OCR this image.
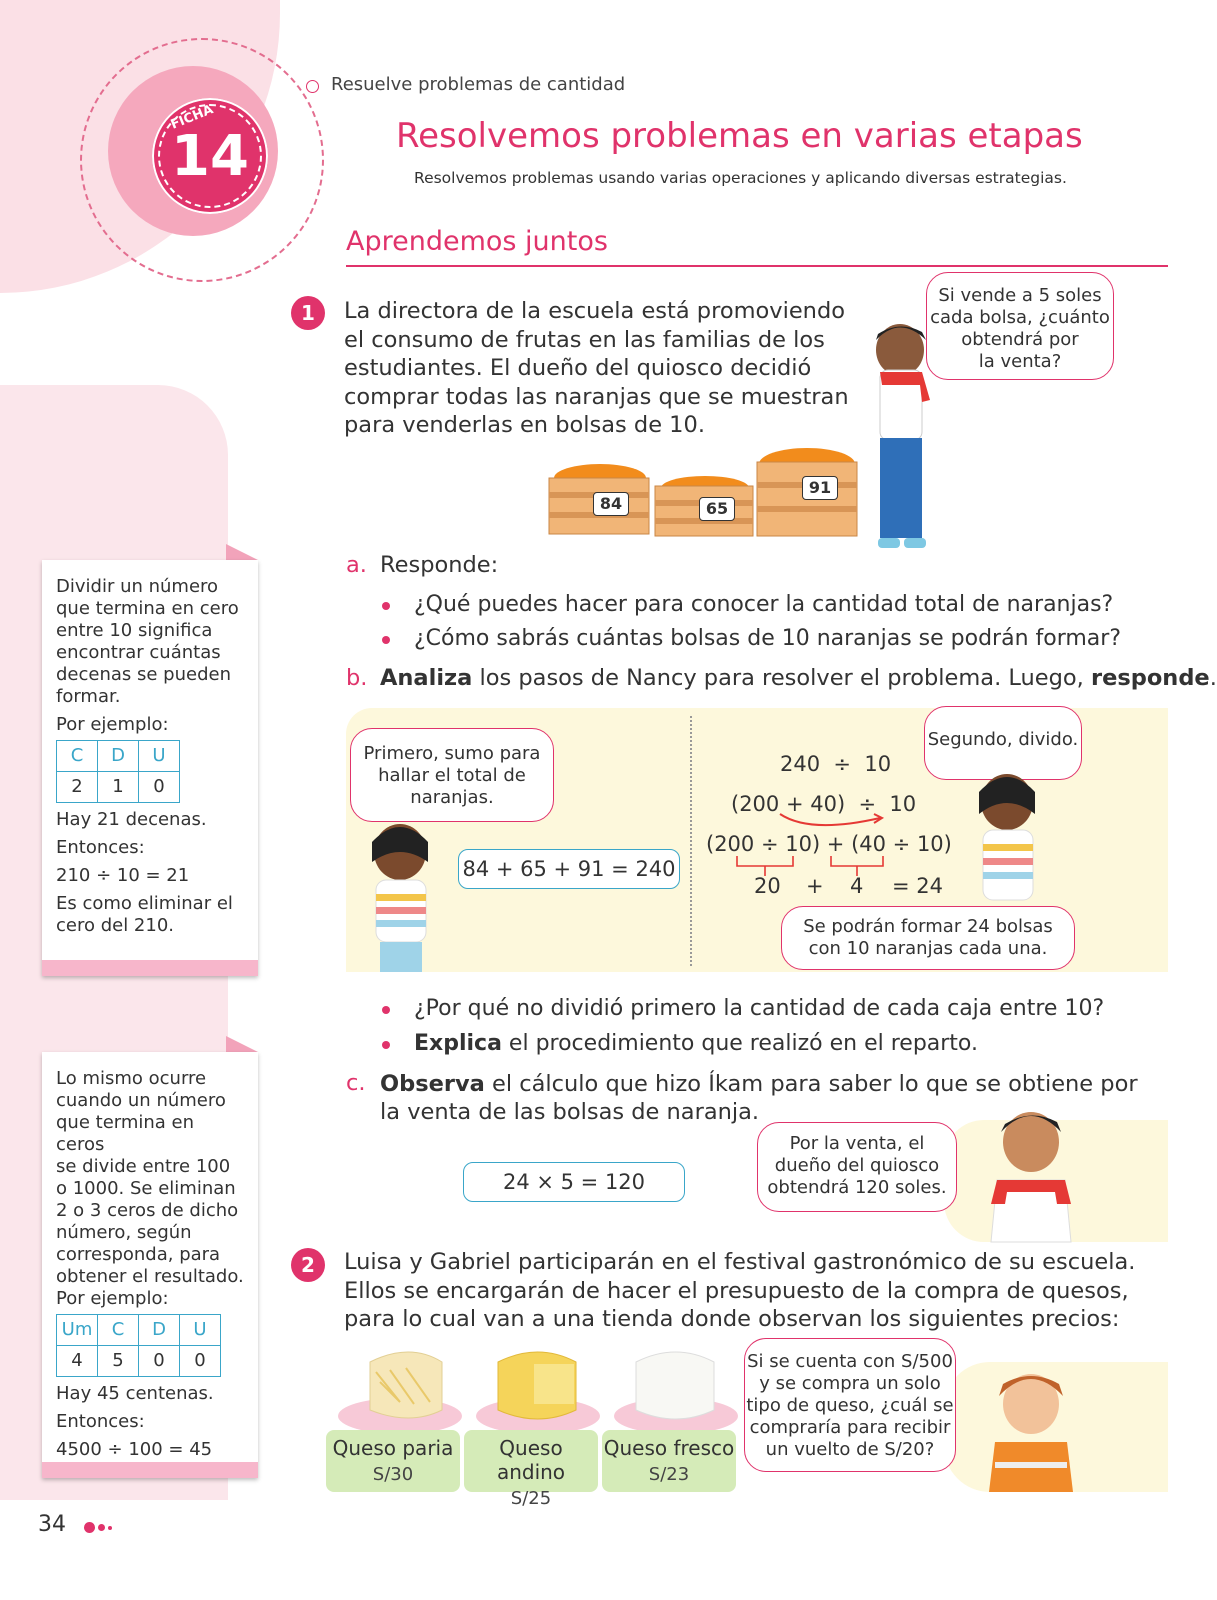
FICHA
14
Resuelve problemas de cantidad
Resolvemos problemas en varias etapas
Resolvemos problemas usando varias operaciones y aplicando diversas estrategias.
Aprendemos juntos
1	La directora de la escuela está promoviendo
el consumo de frutas en las familias de los
estudiantes. El dueño del quiosco decidió
comprar todas las naranjas que se muestran
para venderlas en bolsas de 10.
Si vende a 5 soles
cada bolsa, ¿cuánto
obtendrá por
la venta?
84	65
91
a. Responde:
¿Qué puedes hacer para conocer la cantidad total de naranjas?
¿Cómo sabrás cuántas bolsas de 10 naranjas se podrán formar?
b. Analiza los pasos de Nancy para resolver el problema. Luego, responde.
Primero, sumo para
hallar el total de
naranjas.
84 + 65 + 91 = 240
Segundo, divido.
240  ÷  10
(200 + 40)  ÷  10
(200 ÷ 10) + (40 ÷ 10)
20 + 4 = 24
Se podrán formar 24 bolsas
con 10 naranjas cada una.
¿Por qué no dividió primero la cantidad de cada caja entre 10?
Explica el procedimiento que realizó en el reparto.
c. Observa el cálculo que hizo Íkam para saber lo que se obtiene por
la venta de las bolsas de naranja.
24 × 5 = 120
Por la venta, el
dueño del quiosco
obtendrá 120 soles.
2	Luisa y Gabriel participarán en el festival gastronómico de su escuela.
Ellos se encargarán de hacer el presupuesto de la compra de quesos,
para lo cual van a una tienda donde observan los siguientes precios:
Queso paria
S/30
Queso andino
S/25
Queso fresco
S/23
Si se cuenta con S/500
y se compra un solo
tipo de queso, ¿cuál se
compraría para recibir
un vuelto de S/20?
Dividir un número
que termina en cero
entre 10 significa
encontrar cuántas
decenas se pueden
formar.
Por ejemplo:
C	D	U
2	1	0
Hay 21 decenas.
Entonces:
210 ÷ 10 = 21
Es como eliminar el
cero del 210.
Lo mismo ocurre
cuando un número
que termina en ceros
se divide entre 100
o 1000. Se eliminan
2 o 3 ceros de dicho
número, según
corresponda, para
obtener el resultado.
Por ejemplo:
Um	C	D	U
4	5	0	0
Hay 45 centenas.
Entonces:
4500 ÷ 100 = 45
34
